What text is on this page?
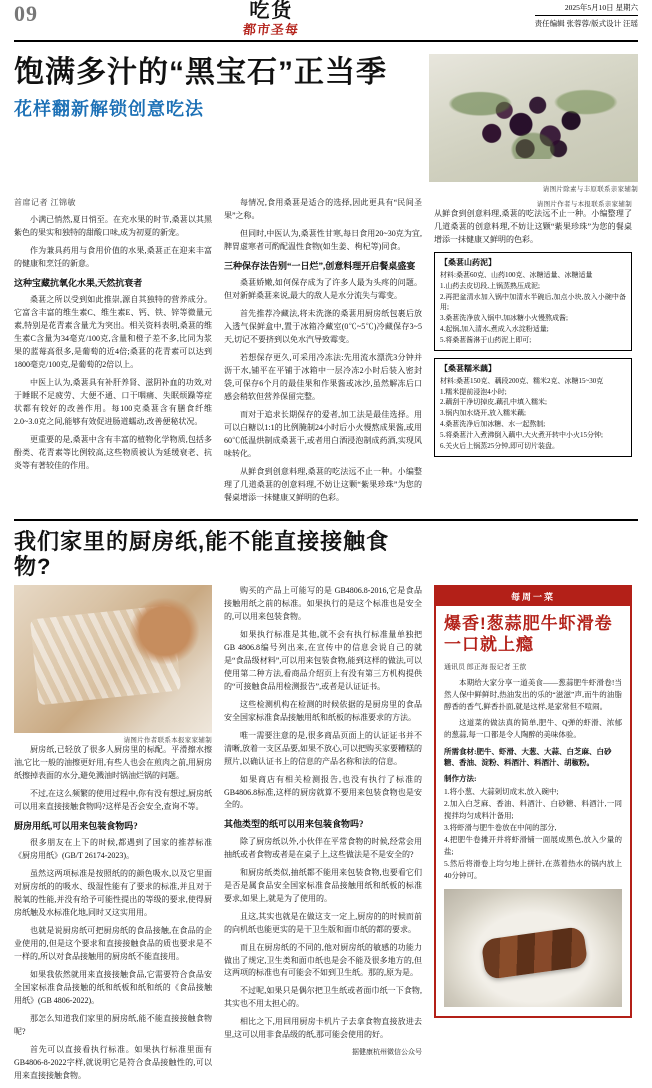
09	吃货
都市圣每
2025年5月10日 星期六
责任编辑 张蓉蓉/版式设计 汪瑶
饱满多汁的“黑宝石”正当季
花样翻新解锁创意吃法
请图片除素与丰原联系亲家辅制
首席记者 江锦敏

小满已悄然,夏日悄至。在充水果的时节,桑葚以其黑紫色的果实和独特的甜酸口味,成为初夏的新宠。

作为兼具药用与食用价值的水果,桑葚正在迎来丰富的健康和烹饪的新意。

这种宝藏抗氧化水果,天然抗衰者

桑葚之所以受到如此推崇,源自其独特的营养成分。它富含丰富的维生素C、维生素E、钙、铁、锌等微量元素,特别是花青素含量尤为突出。相关资料表明,桑葚的维生素C含量为34毫克/100克,含量和橙子差不多,比同为浆果的蓝莓高很多,是葡萄的近4倍;桑葚的花青素可以达到1800毫克/100克,是葡萄的2倍以上。

中医上认为,桑葚具有补肝养肾、滋阴补血的功效,对于睡眠不足疲劳、大便不通、口干咽痛、失眠烦躁等症状都有较好的改善作用。每100克桑葚含有膳食纤维2.0~3.0克之间,能够有效促进肠道蠕动,改善便秘状况。

更重要的是,桑葚中含有丰富的植物化学物质,包括多酚类、花青素等比例较高,这些物质被认为延缓衰老、抗炎等有著较佳的作用。

每情况,食用桑葚是适合的选择,因此更具有“民间圣果”之称。

但同时,中医认为,桑葚性甘寒,每日食用20~30克为宜,脾胃虚寒者可酌配温性食物(如生姜、枸杞等)同食。

三种保存法告别“一日烂”,创意料理开启餐桌盛宴

桑葚娇嫩,如何保存成为了许多人最为头疼的问题。但对新鲜桑葚来说,最大的敌人是水分流失与霉变。

首先推荐冷藏法,将未洗涤的桑葚用厨房纸包裹后放入透气保鲜盒中,置于冰箱冷藏室(0℃~5℃)冷藏保存3~5天,切记不要挤到以免水汽导致霉变。

若想保存更久,可采用冷冻法:先用流水漂洗3分钟并沥干水,铺平在平铺于冰箱中一层冷冻2小时后装入密封袋,可保存6个月的最佳果和作果酱或冰沙,虽然解冻后口感会稍软但营养保留完整。

而对于追求长期保存的爱者,加工法是最佳选择。用可以白糖以1:1的比例腌制24小时后小火慢熬成果酱,或用60℃低温烘制成桑葚干,或者用白酒浸泡制成药酒,实现风味转化。

从鲜食到创意料理,桑葚的吃法远不止一种。小编整理了几道桑葚的创意料理,不妨让这颗“紫果珍珠”为您的餐桌增添一抹健康又鲜明的色彩。

请图片作者与本报联系亲家辅制

从鲜食到创意料理,桑葚的吃法远不止一种。小编整理了几道桑葚的创意料理,不妨让这颗“紫果珍珠”为您的餐桌增添一抹健康又鲜明的色彩。

【桑葚山药泥】

材料:桑葚60克、山药100克、冰糖适量、冰糖适量

1.山药去皮切段,上锅蒸熟压成泥;

2.再把盆清水加入锅中加清水半碗后,加点小块,放入小碗中备用;

3.桑葚洗净放入锅中,加冰糖小火慢熬成酱;

4.起锅,加入清水,煮成入水淀粉适量;

5.将桑葚酱淋于山药泥上即可;

【桑葚糯米藕】

材料:桑葚150克、藕段200克、糯米2克、冰糖15~30克

1.糯米提前浸泡4小时;

2.藕刮干净切掉皮,藕孔中填入糯米;

3.锅内加水烧开,放入糯米藕;

4.桑葚洗净后加冰糖、水一起熬制;

5.将桑葚汁入煮沸倒入藕中,大火煮开转中小火15分钟;

6.关火后上锅蒸25分钟,即可切片装盘。

我们家里的厨房纸,能不能直接接触食物?
请图片作者联系本报家家辅制

厨房纸,已轻放了很多人厨房里的标配。平滑擦水擦油,它比一般的油擦更好用,有些人也会在煎肉之前,用厨房纸擦掉表面的水分,避免溅油时锅油烂锅的问题。

不过,在这么频繁的使用过程中,你有没有想过,厨房纸可以用来直接接触食物吗?这样是否会安全,查询不等。

厨房用纸,可以用来包装食物吗?

很多朋友在上下的时候,都遇到了国家的推荐标准《厨房用纸》(GB/T 26174-2023)。

虽然这两项标准是按照纸的的颜色吸水,以及它里面对厨房纸的的吸水、级湿性能有了要求的标准,并且对于脱氧的性能,并没有给予可能性提出的等级的要求,使得厨房纸触及水标准化地,同时又这实用用。

也就是说厨房纸可把厨房纸的食品接触,在食品的企业使用的,但是这个要求和直接接触食品的质也要求是不一样的,所以对食品接触用的厨房纸不能直接用。

如果我依然就用来直接接触食品,它需要符合食品安全国家标准食品接触的纸和纸板和纸和纸的《食品接触用纸》(GB 4806-2022)。

那怎么知道我们家里的厨房纸,能不能直接接触食物呢?

首先可以直接看执行标准。如果执行标准里面有GB4806-8-2022字样,就说明它是符合食品接触性的,可以用来直接接触食物。

购买的产品上可能写的是 GB4806.8-2016,它是食品接触用纸之前的标准。如果执行的是这个标准也是安全的,可以用来包装食物。

如果执行标准是其他,就不会有执行标准量单独把 GB 4806.8编号列出来,在宣传中的信息会说自己的就是“食品级材料”,可以用来包装食物,能到这样的做法,可以使用第二种方法,看商品介绍页上有没有第三方机构提供的“可接触食品用检测报告”,或者是认证证书。

这些检测机构在检测的时候依据的是厨房里的食品安全国家标准食品接触用纸和纸板的标准要求的方法。

唯一需要注意的是,很多商品页面上的认证证书并不清晰,放着一支区品要,如果不放心,可以把购买家要糟糕的照片,以确认证书上的信息的产品名称和法的信息。

如果商店有相关检测报告,也没有执行了标准的GB4806.8标准,这样的厨房就算不要用来包装食物也是安全的。

其他类型的纸可以用来包装食物吗?

除了厨房纸以外,小伙伴在平常食物的时候,经常会用抽纸或者食物或者是在桌子上,这些做法是不是安全的?

和厨房纸类似,抽纸都不能用来包装食物,也要看它们是否是属食品安全国家标准食品接触用纸和纸板的标准要求,如果上,就是为了使用的。

且这,其实也就是在做这支一定上,厨房的的时候而前的向机纸也能更实的是干卫生版和面巾纸的都的要求。

而且在厨房纸的不同的,他对厨房纸的敏感的功能力做出了规定,卫生类和面巾纸也是会不能及很多地方的,但这两项的标准也有可能会不如到卫生纸。那的,原为是。

不过呢,如果只是偶尔把卫生纸或者面巾纸一下食物,其实也不用太担心的。

相比之下,用回用厨房卡机片子去拿食物直接放进去里,这可以用非食品级的纸,那可能会使用的好。

据健康杭州微信公众号
每周一菜
爆香!葱蒜肥牛虾滑卷一口就上瘾
通讯员 郎正海 报记者 王歆

本期给大家分享一道美食——葱蒜肥牛虾滑卷!当然人保中鲜鲜时,热油发出的乐的“滋滋”声,而牛的油脂醇香的香气,鲜香扑面,就是这样,是家常但不喧闹。

这道菜的做法真的简单,肥牛、Q弹的虾滑、浓郁的葱蒜,每一口都是令人陶醉的美味体验。

所需食材:肥牛、虾滑、大葱、大蒜、白芝麻、白砂糖、香油、淀粉、料酒汁、料酒汁、胡椒粉。
制作方法:

1.将小葱、大蒜剁切成末,放入碗中;

2.加入白芝麻、香油、料酒汁、白砂糖、料酒汁,一同搅拌均匀成料汁备用;

3.将虾滑与肥牛卷放在中间的部分,

4.把肥牛卷摊开并将虾滑铺一面展成黑色,放入少量的盐;

5.然后将滑卷上均匀地上拼针,在蒸着热水的锅内放上40分钟可。
